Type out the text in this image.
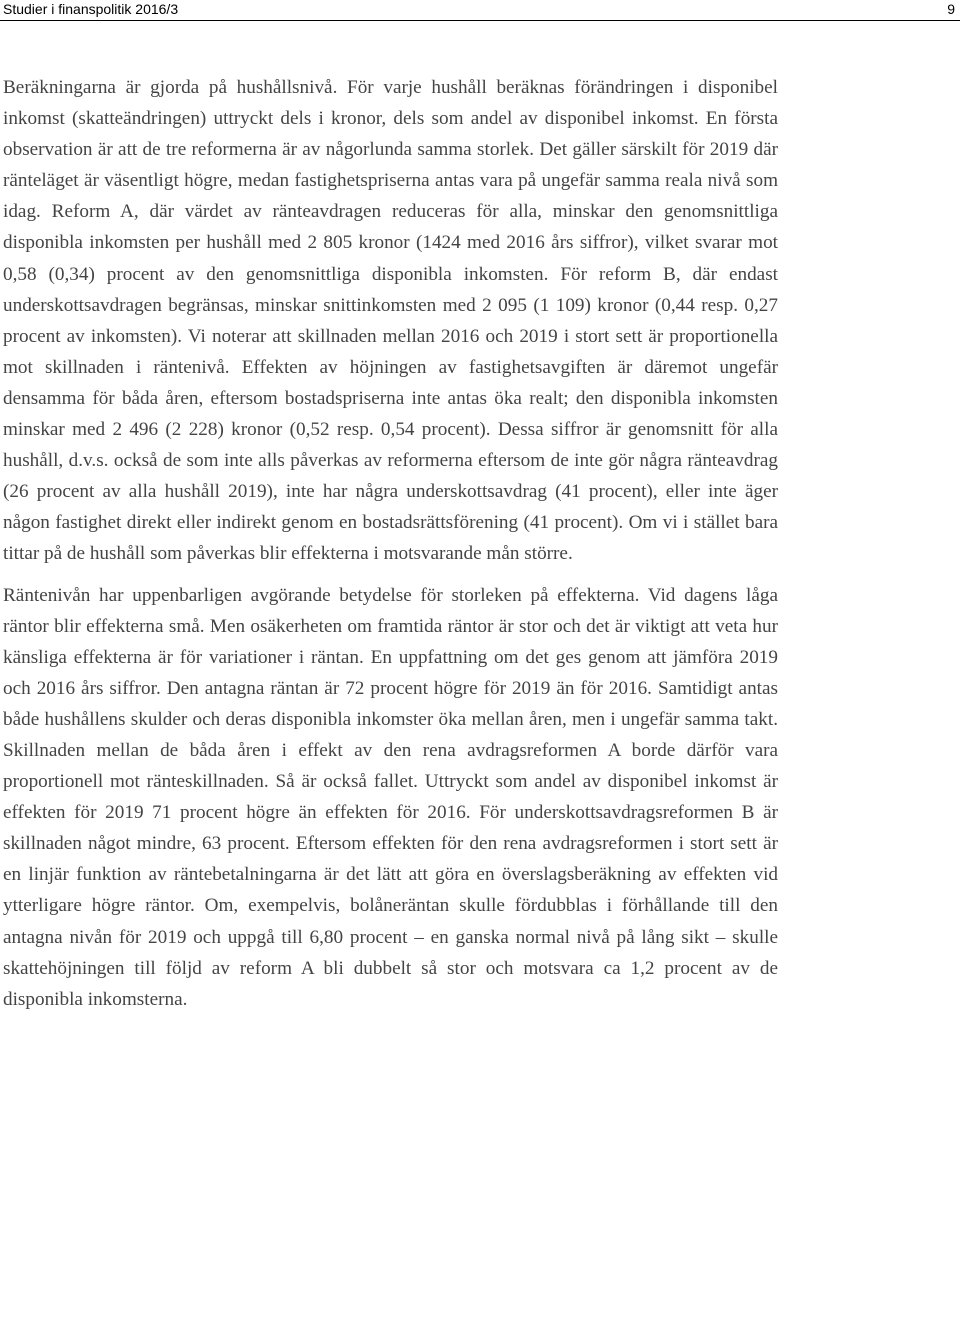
Studier i finanspolitik 2016/3	9

Beräkningarna är gjorda på hushållsnivå. För varje hushåll beräknas förändringen i disponibel inkomst (skatteändringen) uttryckt dels i kronor, dels som andel av disponibel inkomst. En första observation är att de tre reformerna är av någorlunda samma storlek. Det gäller särskilt för 2019 där ränteläget är väsentligt högre, medan fastighetspriserna antas vara på ungefär samma reala nivå som idag. Reform A, där värdet av ränteavdragen reduceras för alla, minskar den genomsnittliga disponibla inkomsten per hushåll med 2 805 kronor (1424 med 2016 års siffror), vilket svarar mot 0,58 (0,34) procent av den genomsnittliga disponibla inkomsten. För reform B, där endast underskottsavdragen begränsas, minskar snittinkomsten med 2 095 (1 109) kronor (0,44 resp. 0,27 procent av inkomsten). Vi noterar att skillnaden mellan 2016 och 2019 i stort sett är proportionella mot skillnaden i räntenivå. Effekten av höjningen av fastighetsavgiften är däremot ungefär densamma för båda åren, eftersom bostadspriserna inte antas öka realt; den disponibla inkomsten minskar med 2 496 (2 228) kronor (0,52 resp. 0,54 procent). Dessa siffror är genomsnitt för alla hushåll, d.v.s. också de som inte alls påverkas av reformerna eftersom de inte gör några ränteavdrag (26 procent av alla hushåll 2019), inte har några underskottsavdrag (41 procent), eller inte äger någon fastighet direkt eller indirekt genom en bostadsrättsförening (41 procent). Om vi i stället bara tittar på de hushåll som påverkas blir effekterna i motsvarande mån större.

Räntenivån har uppenbarligen avgörande betydelse för storleken på effekterna. Vid dagens låga räntor blir effekterna små. Men osäkerheten om framtida räntor är stor och det är viktigt att veta hur känsliga effekterna är för variationer i räntan. En uppfattning om det ges genom att jämföra 2019 och 2016 års siffror. Den antagna räntan är 72 procent högre för 2019 än för 2016. Samtidigt antas både hushållens skulder och deras disponibla inkomster öka mellan åren, men i ungefär samma takt. Skillnaden mellan de båda åren i effekt av den rena avdragsreformen A borde därför vara proportionell mot ränteskillnaden. Så är också fallet. Uttryckt som andel av disponibel inkomst är effekten för 2019 71 procent högre än effekten för 2016. För underskottsavdragsreformen B är skillnaden något mindre, 63 procent. Eftersom effekten för den rena avdragsreformen i stort sett är en linjär funktion av räntebetalningarna är det lätt att göra en överslagsberäkning av effekten vid ytterligare högre räntor. Om, exempelvis, bolåneräntan skulle fördubblas i förhållande till den antagna nivån för 2019 och uppgå till 6,80 procent – en ganska normal nivå på lång sikt – skulle skattehöjningen till följd av reform A bli dubbelt så stor och motsvara ca 1,2 procent av de disponibla inkomsterna.
